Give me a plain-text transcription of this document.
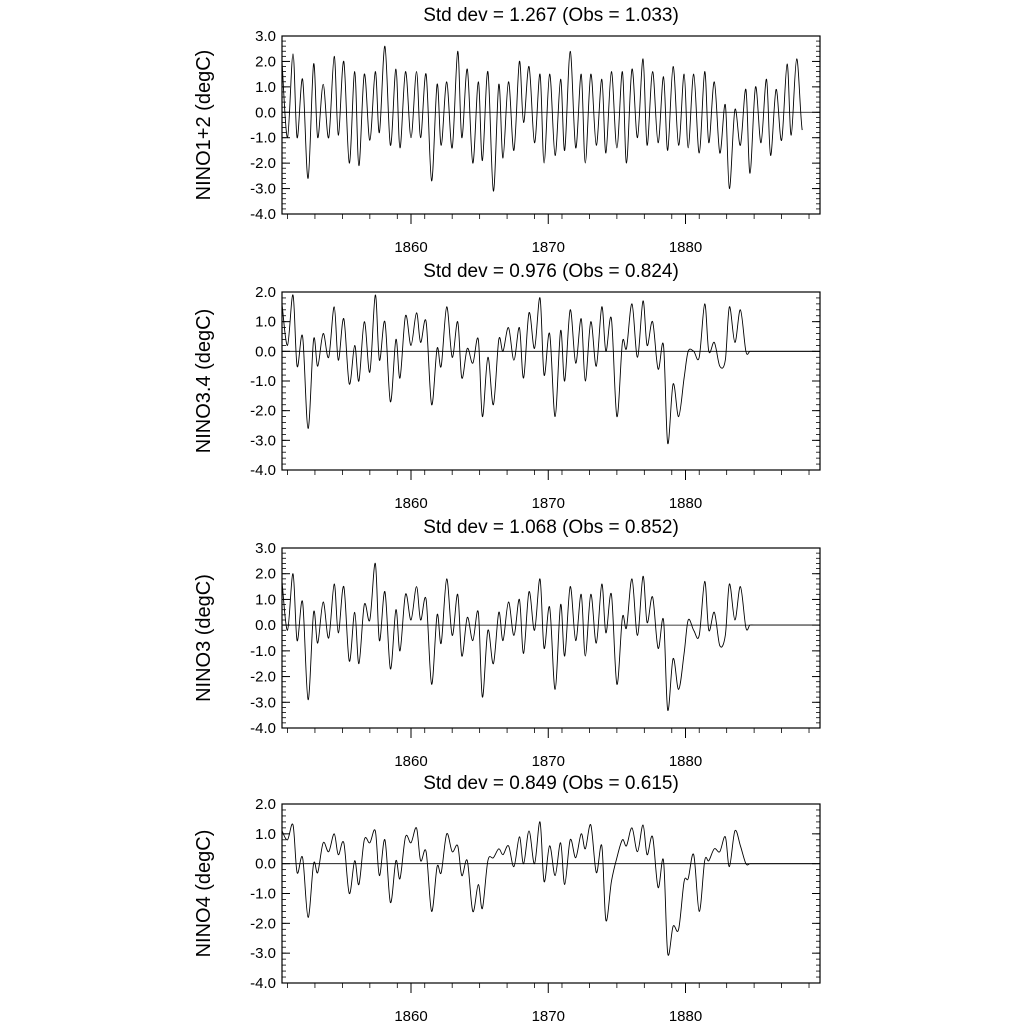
3.0
2.0
1.0
0.0
-1.0
-2.0
-3.0
-4.0
1860	1870	1880
Std dev = 1.267 (Obs = 1.033)
NINO1+2 (degC)
2.0
1.0
0.0
-1.0
-2.0
-3.0
-4.0
1860	1870	1880
Std dev = 0.976 (Obs = 0.824)
NINO3.4 (degC)
3.0
2.0
1.0
0.0
-1.0
-2.0
-3.0
-4.0
1860	1870	1880
Std dev = 1.068 (Obs = 0.852)
NINO3 (degC)
2.0
1.0
0.0
-1.0
-2.0
-3.0
-4.0
1860	1870	1880
Std dev = 0.849 (Obs = 0.615)
NINO4 (degC)
